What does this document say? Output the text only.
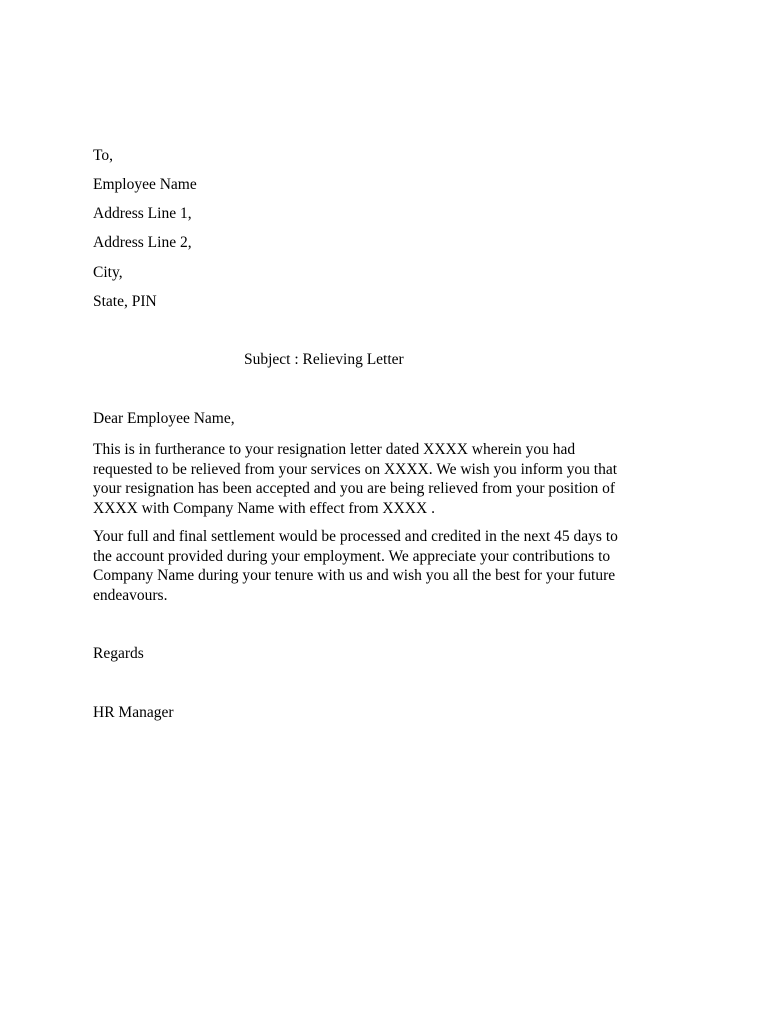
To,
Employee Name
Address Line 1,
Address Line 2,
City,
State, PIN
Subject : Relieving Letter
Dear Employee Name,
This is in furtherance to your resignation letter dated XXXX wherein you had
requested to be relieved from your services on XXXX. We wish you inform you that
your resignation has been accepted and you are being relieved from your position of
XXXX with Company Name with effect from XXXX .
Your full and final settlement would be processed and credited in the next 45 days to
the account provided during your employment. We appreciate your contributions to
Company Name during your tenure with us and wish you all the best for your future
endeavours.
Regards
HR Manager
